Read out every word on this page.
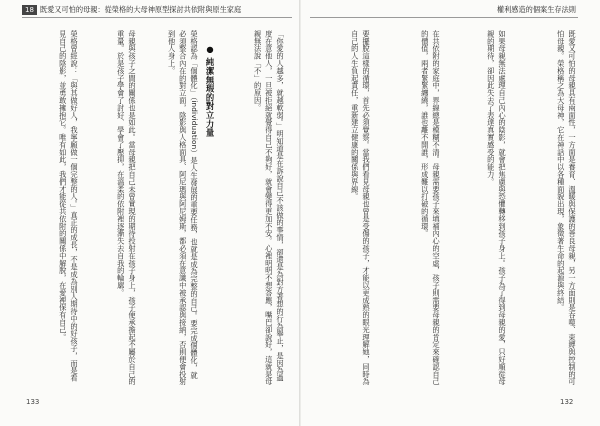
18 既愛又可怕的母親：從榮格的大母神原型探討共依附與原生家庭
「你愛的人越多，就越軟弱。」明知道是在訴說自己不該做的事情，卻還是為對方著想的行為舉止，是因為過度在意他人，一旦被拒絕就覺得自己不夠好，就會變得更加不安。心裡明明不想答應，嘴巴卻說好，這就是母親無法說「不」的原因。
● 純潔無瑕的對立力量
榮格認為「個體化」（individuation）是人生發展的重要任務，也就是成為完整的自己。要完成個體化，就必須整合內在的對立面，陰影與人格面具、阿尼瑪與阿尼姆斯，都必須在意識中被承認與接納，否則便會投射到他人身上。
母親與孩子之間的關係也是如此。當母親把自己未曾實現的期待投射在孩子身上，孩子便承擔起不屬於自己的重量。於是孩子學會了討好、學會了壓抑，在溫柔的依附裡逐漸失去自我的輪廓。
榮格曾經說：「與其做好人，我寧願做一個完整的人。」真正的成長，不是成為別人期待中的好孩子，而是看見自己的陰影，並勇敢擁抱它。唯有如此，我們才能從共依附的關係中解脫，在愛裡保有自己。
133
權利感造的個案生存法則
既愛又可怕的母親具有兩面性，一方面是養育、溫暖與保護的善良母親，另一方面則是吞噬、束縛與控制的可怕母親。榮格稱之為大母神，它在神話中以各種面貌出現，象徵著生命的起源與終結。
如果母親無法處理自己內心的陰影，就會把焦慮與恐懼轉移到孩子身上。孩子為了得到母親的愛，只好順從母親的期待，卻因此失去了表達真實感受的能力。
在共依附的家庭中，界線總是模糊不清。母親需要孩子來填補內心的空虛，孩子則需要母親的肯定來確認自己的價值，兩者緊緊纏繞，誰也離不開誰，形成難以打破的循環。
要擺脫這樣的循環，首先必須覺察。當我們看見母親也曾是受傷的孩子，才能以更成熟的眼光理解她，同時為自己的人生負起責任，重新建立健康的關係與界線。
132
